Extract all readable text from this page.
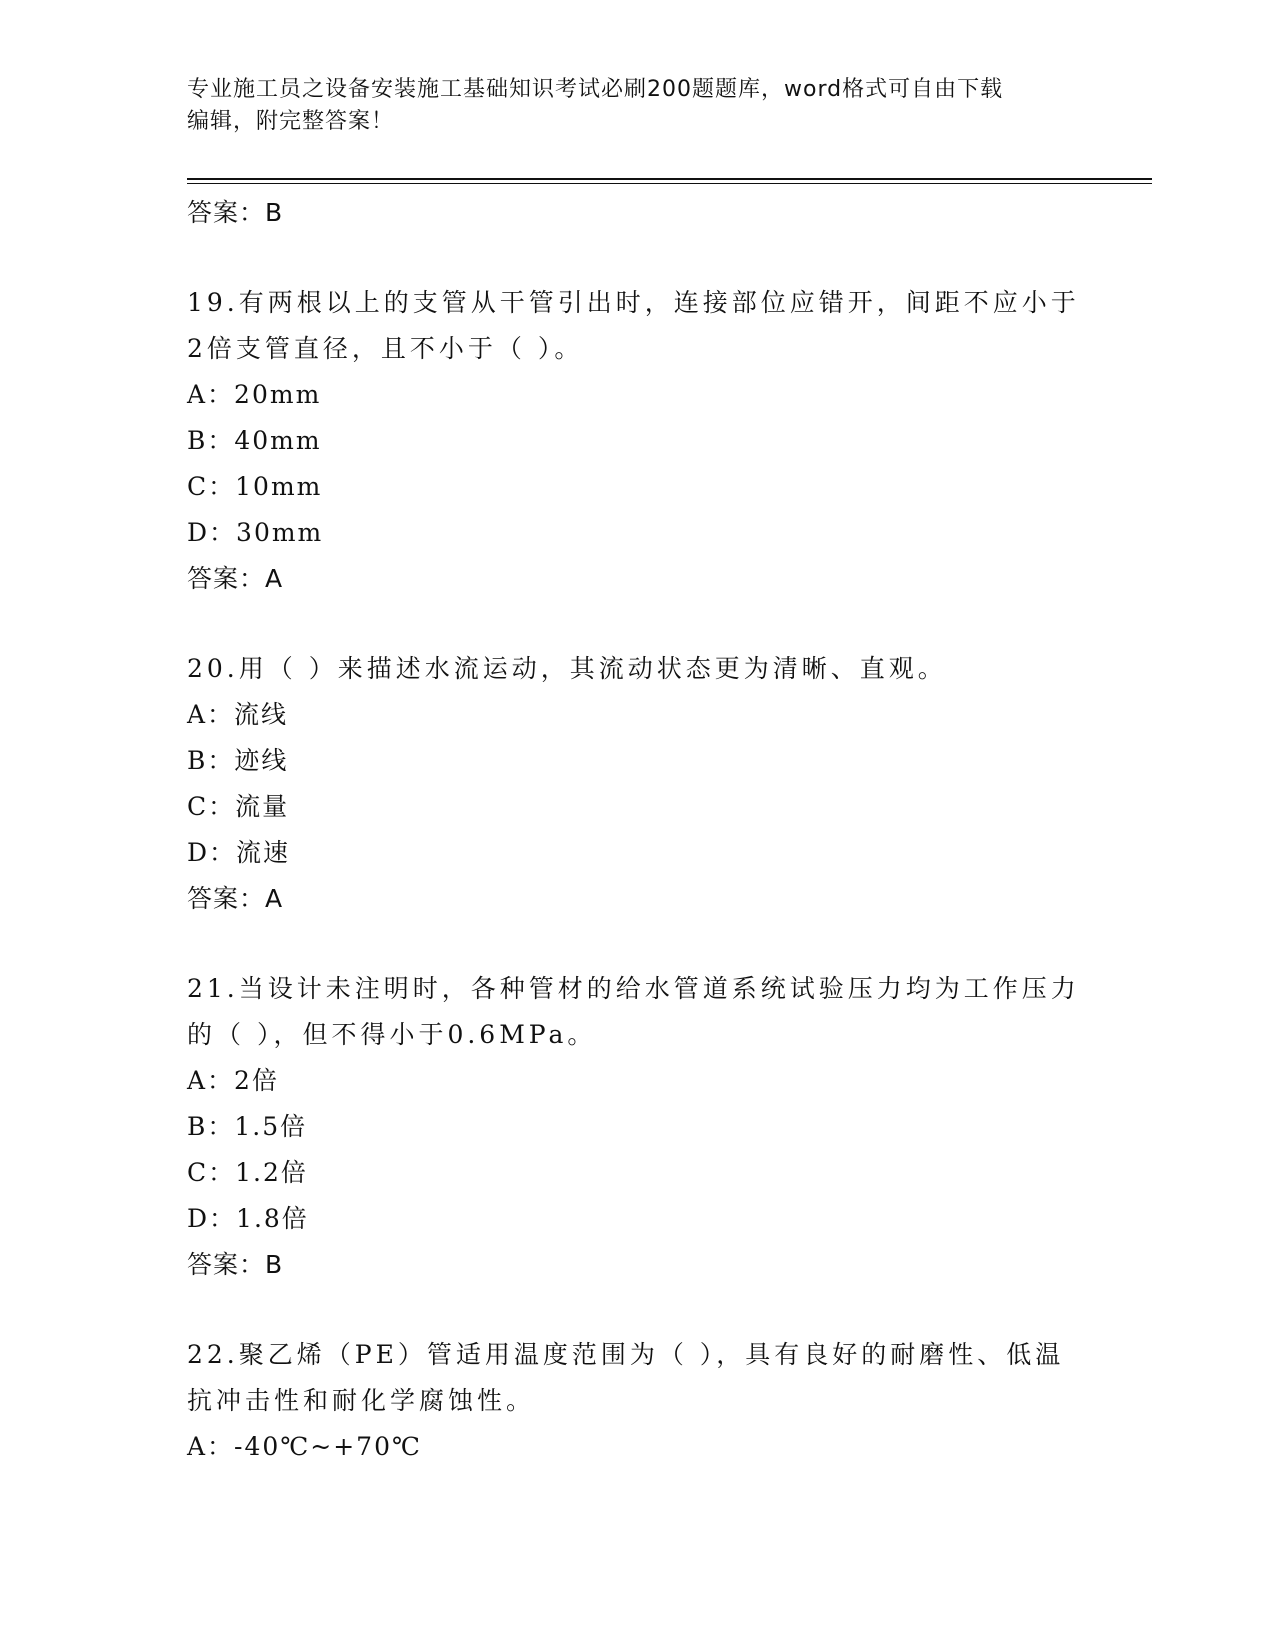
专业施工员之设备安装施工基础知识考试必刷200题题库，word格式可自由下载
编辑，附完整答案！
答案：B
19.有两根以上的支管从干管引出时，连接部位应错开，间距不应小于
2倍支管直径，且不小于（ ）。
A：20mm
B：40mm
C：10mm
D：30mm
答案：A
20.用（ ）来描述水流运动，其流动状态更为清晰、直观。
A：流线
B：迹线
C：流量
D：流速
答案：A
21.当设计未注明时，各种管材的给水管道系统试验压力均为工作压力
的（ ），但不得小于0.6MPa。
A：2倍
B：1.5倍
C：1.2倍
D：1.8倍
答案：B
22.聚乙烯（PE）管适用温度范围为（ ），具有良好的耐磨性、低温
抗冲击性和耐化学腐蚀性。
A：-40℃~+70℃
